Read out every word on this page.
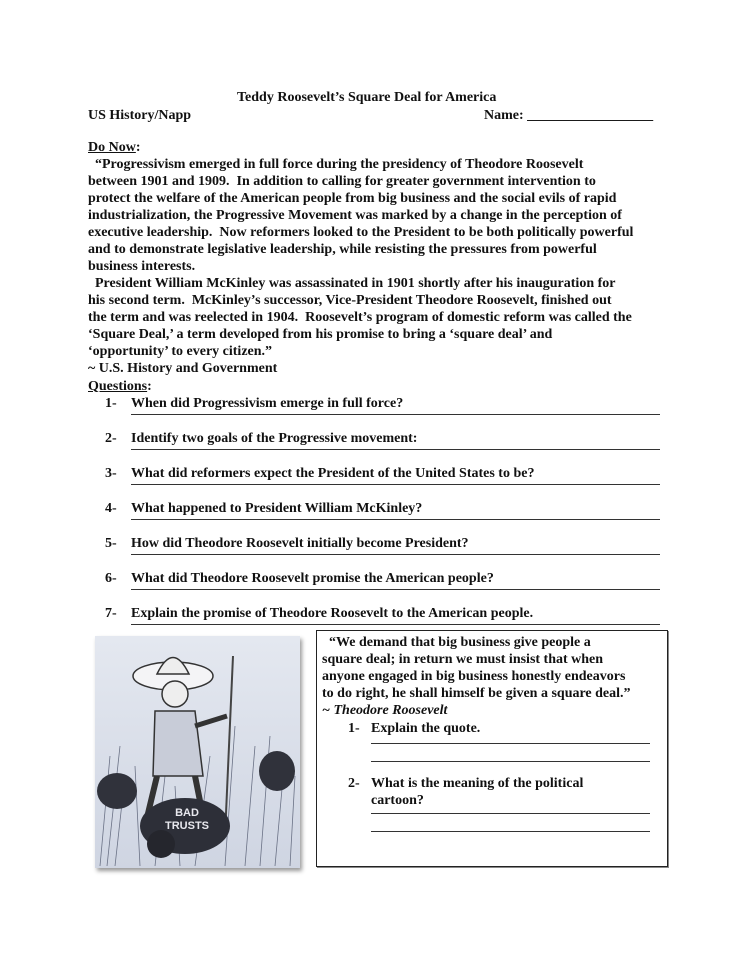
Teddy Roosevelt’s Square Deal for America
US History/Napp	Name: __________________
Do Now:
“Progressivism emerged in full force during the presidency of Theodore Roosevelt
between 1901 and 1909.  In addition to calling for greater government intervention to
protect the welfare of the American people from big business and the social evils of rapid
industrialization, the Progressive Movement was marked by a change in the perception of
executive leadership.  Now reformers looked to the President to be both politically powerful
and to demonstrate legislative leadership, while resisting the pressures from powerful
business interests.
President William McKinley was assassinated in 1901 shortly after his inauguration for
his second term.  McKinley’s successor, Vice-President Theodore Roosevelt, finished out
the term and was reelected in 1904.  Roosevelt’s program of domestic reform was called the
‘Square Deal,’ a term developed from his promise to bring a ‘square deal’ and
‘opportunity’ to every citizen.”
~ U.S. History and Government
Questions:
1- When did Progressivism emerge in full force?
2- Identify two goals of the Progressive movement:
3- What did reformers expect the President of the United States to be?
4- What happened to President William McKinley?
5- How did Theodore Roosevelt initially become President?
6- What did Theodore Roosevelt promise the American people?
7- Explain the promise of Theodore Roosevelt to the American people.
BAD
TRUSTS
“We demand that big business give people a
square deal; in return we must insist that when
anyone engaged in big business honestly endeavors
to do right, he shall himself be given a square deal.”
~ Theodore Roosevelt
1- Explain the quote.
2- What is the meaning of the political
cartoon?
